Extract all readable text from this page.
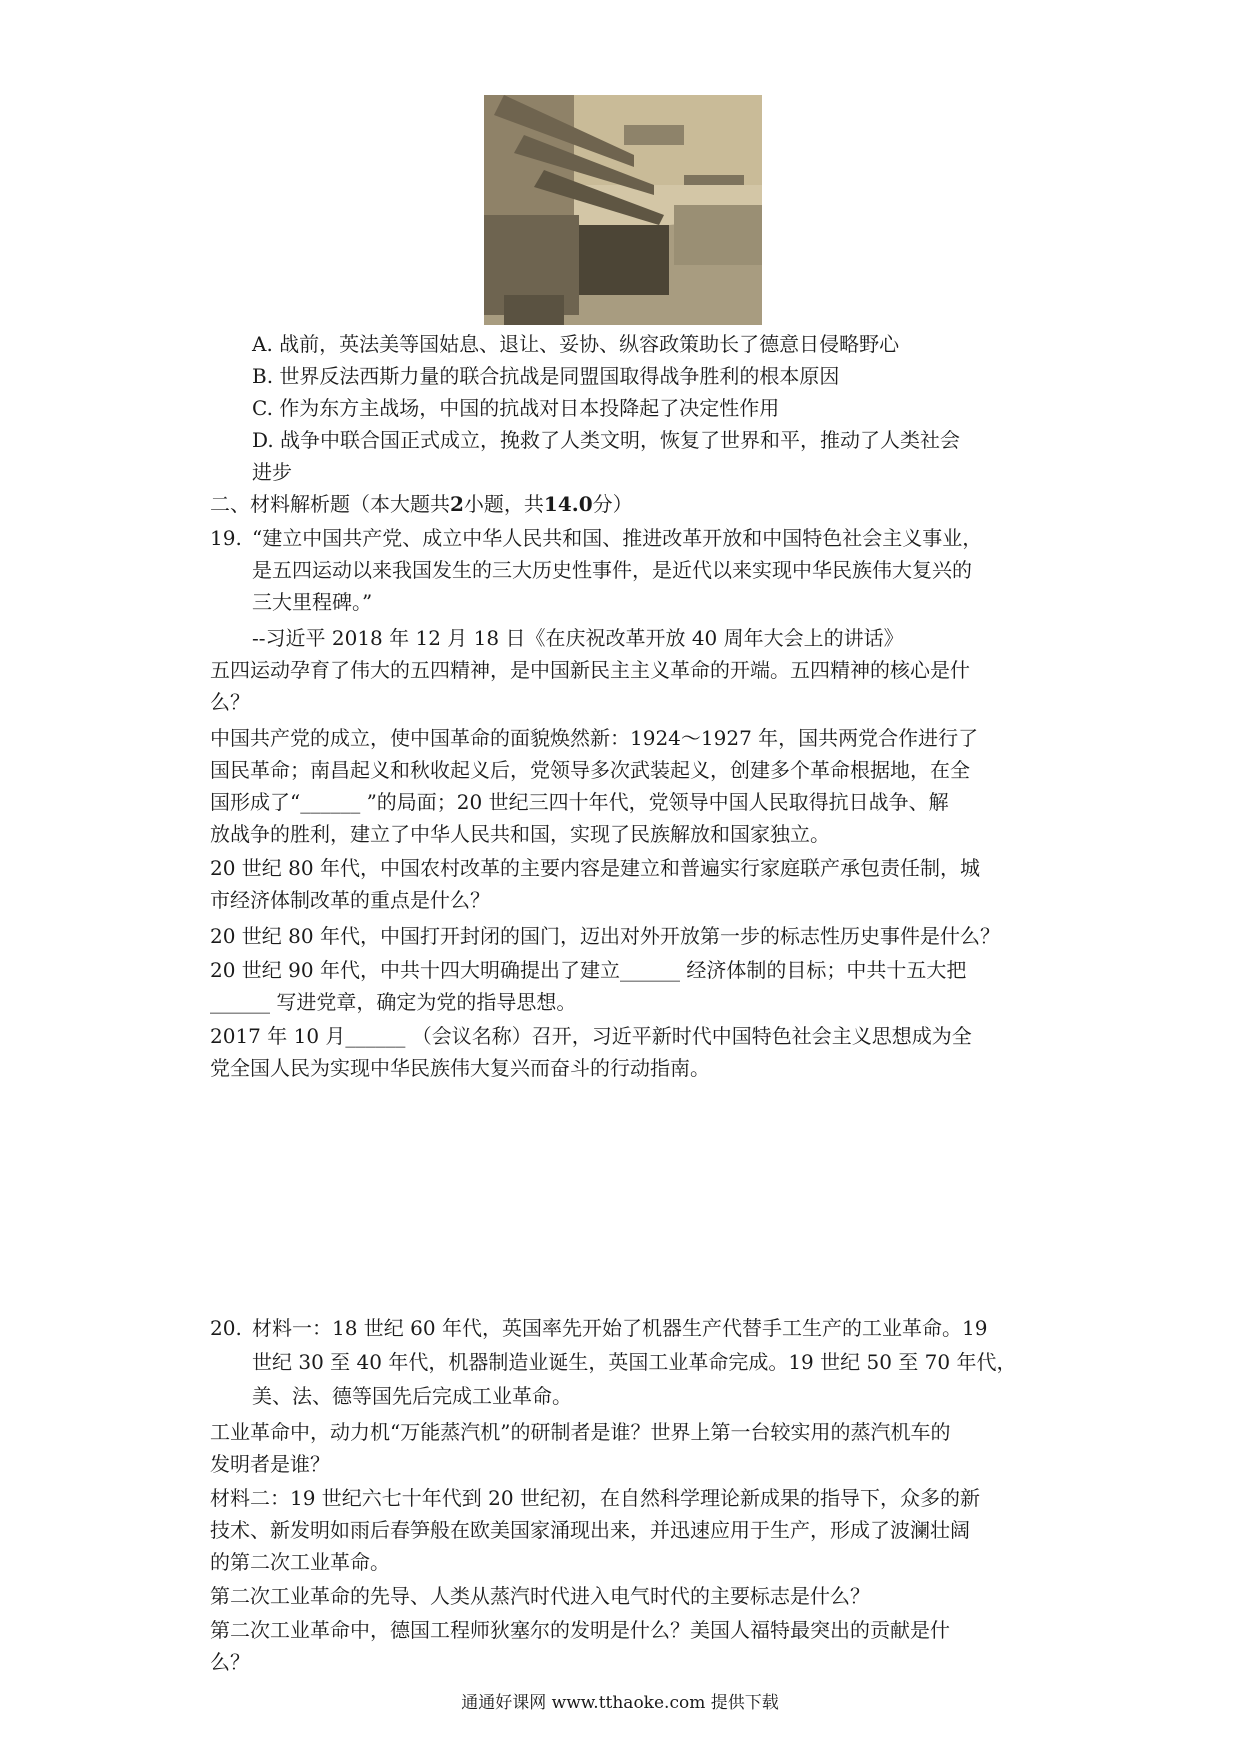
A. 战前，英法美等国姑息、退让、妥协、纵容政策助长了德意日侵略野心
B. 世界反法西斯力量的联合抗战是同盟国取得战争胜利的根本原因
C. 作为东方主战场，中国的抗战对日本投降起了决定性作用
D. 战争中联合国正式成立，挽救了人类文明，恢复了世界和平，推动了人类社会
进步
二、材料解析题（本大题共2小题，共14.0分）
19. “建立中国共产党、成立中华人民共和国、推进改革开放和中国特色社会主义事业，
是五四运动以来我国发生的三大历史性事件，是近代以来实现中华民族伟大复兴的
三大里程碑。”
--习近平 2018 年 12 月 18 日《在庆祝改革开放 40 周年大会上的讲话》
五四运动孕育了伟大的五四精神，是中国新民主主义革命的开端。五四精神的核心是什
么？
中国共产党的成立，使中国革命的面貌焕然新：1924～1927 年，国共两党合作进行了
国民革命；南昌起义和秋收起义后，党领导多次武装起义，创建多个革命根据地，在全
国形成了“______ ”的局面；20 世纪三四十年代，党领导中国人民取得抗日战争、解
放战争的胜利，建立了中华人民共和国，实现了民族解放和国家独立。
20 世纪 80 年代，中国农村改革的主要内容是建立和普遍实行家庭联产承包责任制，城
市经济体制改革的重点是什么？
20 世纪 80 年代，中国打开封闭的国门，迈出对外开放第一步的标志性历史事件是什么？
20 世纪 90 年代，中共十四大明确提出了建立______ 经济体制的目标；中共十五大把
______ 写进党章，确定为党的指导思想。
2017 年 10 月______ （会议名称）召开，习近平新时代中国特色社会主义思想成为全
党全国人民为实现中华民族伟大复兴而奋斗的行动指南。
20. 材料一：18 世纪 60 年代，英国率先开始了机器生产代替手工生产的工业革命。19
世纪 30 至 40 年代，机器制造业诞生，英国工业革命完成。19 世纪 50 至 70 年代，
美、法、德等国先后完成工业革命。
工业革命中，动力机“万能蒸汽机”的研制者是谁？世界上第一台较实用的蒸汽机车的
发明者是谁？
材料二：19 世纪六七十年代到 20 世纪初，在自然科学理论新成果的指导下，众多的新
技术、新发明如雨后春笋般在欧美国家涌现出来，并迅速应用于生产，形成了波澜壮阔
的第二次工业革命。
第二次工业革命的先导、人类从蒸汽时代进入电气时代的主要标志是什么？
第二次工业革命中，德国工程师狄塞尔的发明是什么？美国人福特最突出的贡献是什
么？
通通好课网 www.tthaoke.com 提供下载
